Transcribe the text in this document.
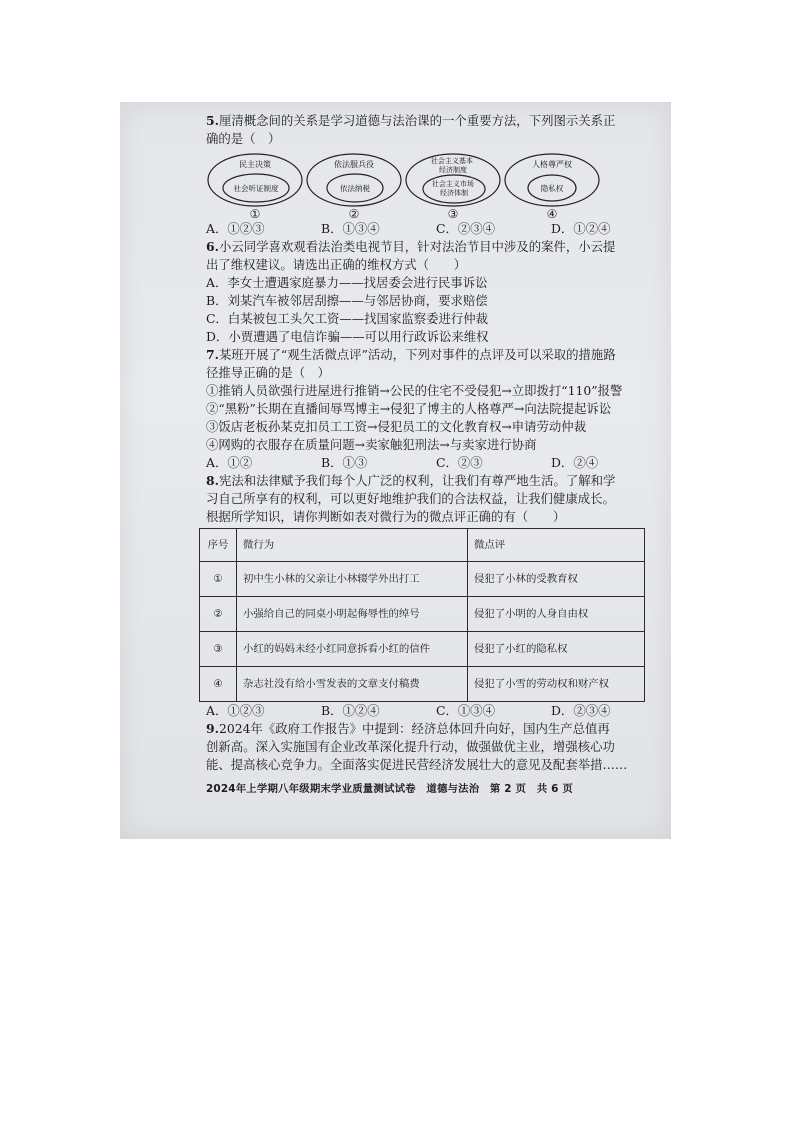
5.厘清概念间的关系是学习道德与法治课的一个重要方法，下列图示关系正
确的是（　）
民主决策
社会听证制度
①
依法服兵役
依法纳税
②
社会主义基本 经济制度
社会主义市场 经济体制
③
人格尊严权
隐私权
④
A．①②③	B．①③④	C．②③④	D．①②④
6.小云同学喜欢观看法治类电视节目，针对法治节目中涉及的案件，小云提
出了维权建议。请选出正确的维权方式（　　）
A．李女士遭遇家庭暴力——找居委会进行民事诉讼
B．刘某汽车被邻居刮擦——与邻居协商，要求赔偿
C．白某被包工头欠工资——找国家监察委进行仲裁
D．小贾遭遇了电信诈骗——可以用行政诉讼来维权
7.某班开展了“观生活微点评”活动，下列对事件的点评及可以采取的措施路
径推导正确的是（　）
①推销人员欲强行进屋进行推销→公民的住宅不受侵犯→立即拨打“110”报警
②“黑粉”长期在直播间辱骂博主→侵犯了博主的人格尊严→向法院提起诉讼
③饭店老板孙某克扣员工工资→侵犯员工的文化教育权→申请劳动仲裁
④网购的衣服存在质量问题→卖家触犯刑法→与卖家进行协商
A．①②	B．①③	C．②③	D．②④
8.宪法和法律赋予我们每个人广泛的权利，让我们有尊严地生活。了解和学
习自己所享有的权利，可以更好地维护我们的合法权益，让我们健康成长。
根据所学知识，请你判断如表对微行为的微点评正确的有（　　）
序号	微行为	微点评
①	初中生小林的父亲让小林辍学外出打工	侵犯了小林的受教育权
②	小强给自己的同桌小明起侮辱性的绰号	侵犯了小明的人身自由权
③	小红的妈妈未经小红同意拆看小红的信件	侵犯了小红的隐私权
④	杂志社没有给小雪发表的文章支付稿费	侵犯了小雪的劳动权和财产权
A．①②③	B．①②④	C．①③④	D．②③④
9.2024年《政府工作报告》中提到：经济总体回升向好，国内生产总值再
创新高。深入实施国有企业改革深化提升行动，做强做优主业，增强核心功
能、提高核心竞争力。全面落实促进民营经济发展壮大的意见及配套举措……
2024年上学期八年级期末学业质量测试试卷　道德与法治　第 2 页　共 6 页
